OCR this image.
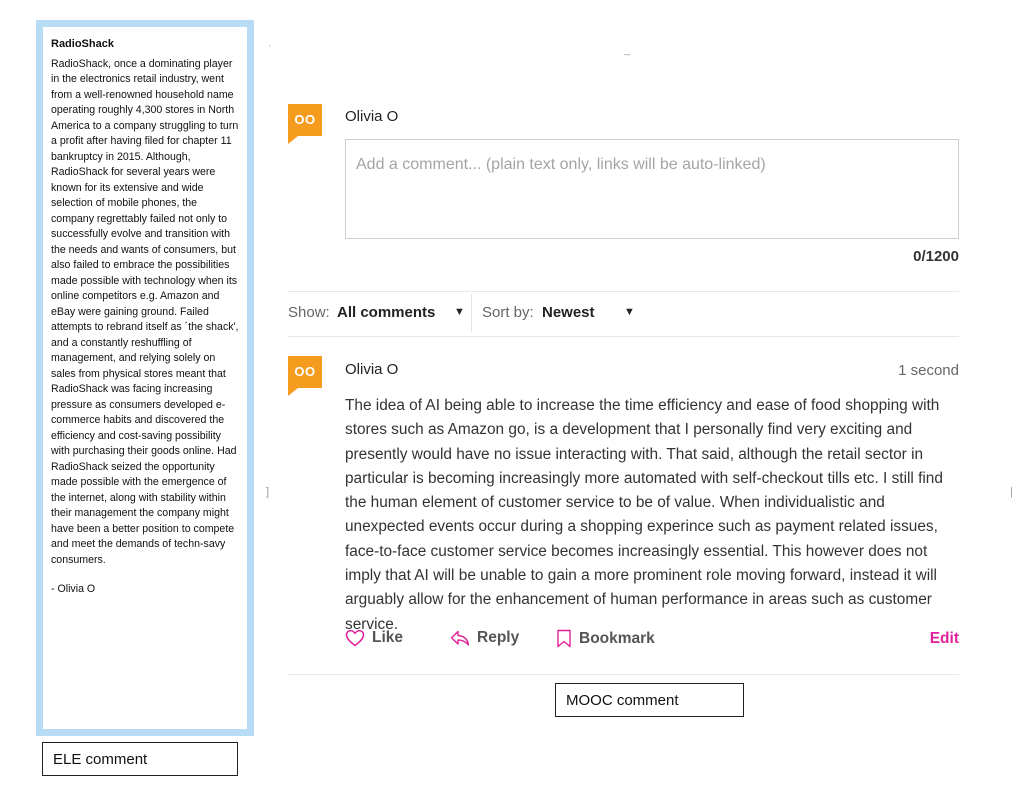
RadioShack

RadioShack, once a dominating player in the electronics retail industry, went from a well-renowned household name operating roughly 4,300 stores in North America to a company struggling to turn a profit after having filed for chapter 11 bankruptcy in 2015. Although, RadioShack for several years were known for its extensive and wide selection of mobile phones, the company regrettably failed not only to successfully evolve and transition with the needs and wants of consumers, but also failed to embrace the possibilities made possible with technology when its online competitors e.g. Amazon and eBay were gaining ground. Failed attempts to rebrand itself as ´the shack', and a constantly reshuffling of management, and relying solely on sales from physical stores meant that RadioShack was facing increasing pressure as consumers developed e-commerce habits and discovered the efficiency and cost-saving possibility with purchasing their goods online. Had RadioShack seized the opportunity made possible with the emergence of the internet, along with stability within their management the company might have been a better position to compete and meet the demands of techn-savy consumers.

- Olivia O
ELE comment
ˈ	_
]	|
OO	Olivia O
Add a comment... (plain text only, links will be auto-linked)
0/1200
Show: All comments ▼ Sort by: Newest	▼
OO	Olivia O	1 second

The idea of AI being able to increase the time efficiency and ease of food shopping with stores such as Amazon go, is a development that I personally find very exciting and presently would have no issue interacting with. That said, although the retail sector in particular is becoming increasingly more automated with self-checkout tills etc. I still find the human element of customer service to be of value. When individualistic and unexpected events occur during a shopping experince such as payment related issues, face-to-face customer service becomes increasingly essential. This however does not imply that AI will be unable to gain a more prominent role moving forward, instead it will arguably allow for the enhancement of human performance in areas such as customer service.

Like	Reply	Bookmark	Edit
MOOC comment
